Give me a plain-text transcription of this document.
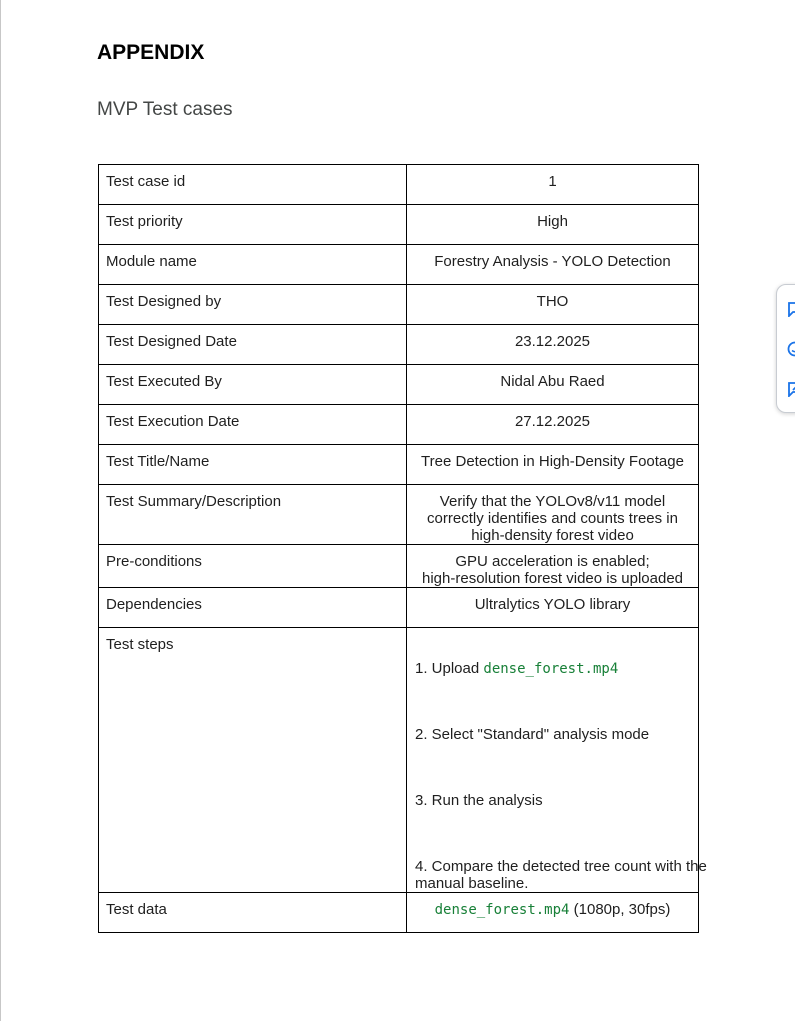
APPENDIX
MVP Test cases
Test case id	1
Test priority	High
Module name	Forestry Analysis - YOLO Detection
Test Designed by	THO
Test Designed Date	23.12.2025
Test Executed By	Nidal Abu Raed
Test Execution Date	27.12.2025
Test Title/Name	Tree Detection in High-Density Footage
Test Summary/Description	Verify that the YOLOv8/v11 model correctly identifies and counts trees in high-density forest video
Pre-conditions	GPU acceleration is enabled;
high-resolution forest video is uploaded

Dependencies	Ultralytics YOLO library
Test steps	1. Upload dense_forest.mp4
2. Select "Standard" analysis mode
3. Run the analysis
4. Compare the detected tree count with the manual baseline.

Test data	dense_forest.mp4 (1080p, 30fps)
